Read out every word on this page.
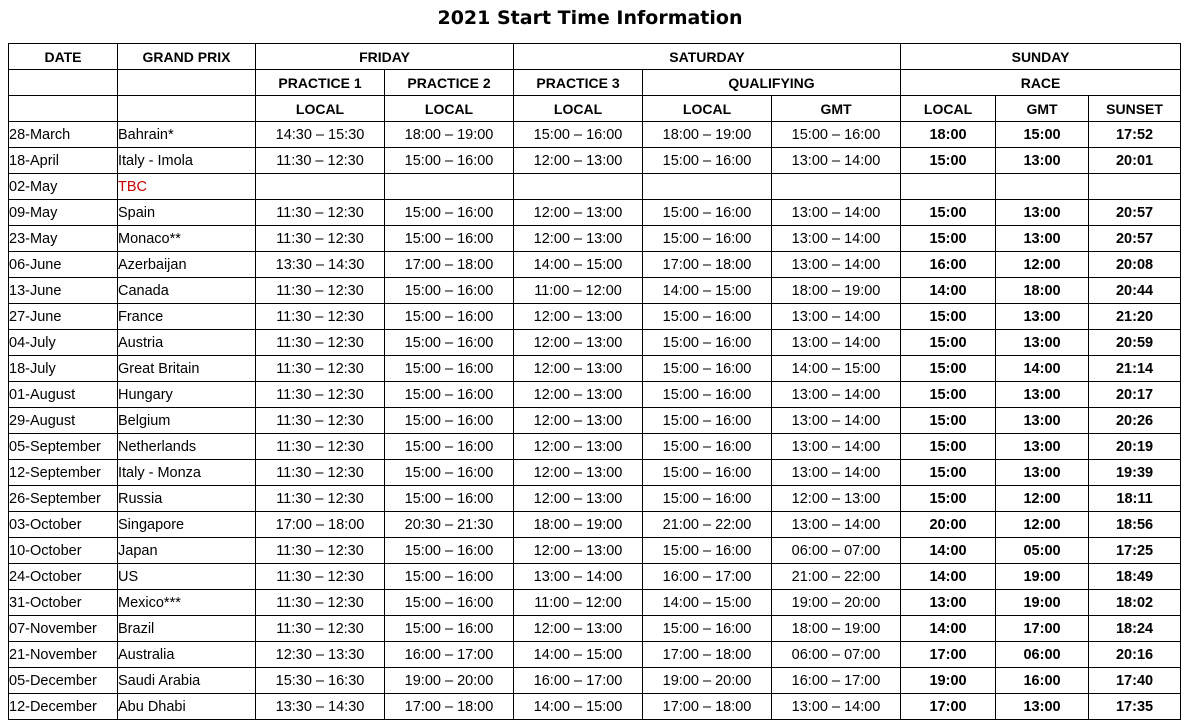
2021 Start Time Information
DATE	GRAND PRIX	FRIDAY		SATURDAY			SUNDAY		
		PRACTICE 1	PRACTICE 2	PRACTICE 3	QUALIFYING		RACE		
		LOCAL	LOCAL	LOCAL	LOCAL	GMT	LOCAL	GMT	SUNSET
28-March	Bahrain*	14:30 – 15:30	18:00 – 19:00	15:00 – 16:00	18:00 – 19:00	15:00 – 16:00	18:00	15:00	17:52
18-April	Italy - Imola	11:30 – 12:30	15:00 – 16:00	12:00 – 13:00	15:00 – 16:00	13:00 – 14:00	15:00	13:00	20:01
02-May	TBC								
09-May	Spain	11:30 – 12:30	15:00 – 16:00	12:00 – 13:00	15:00 – 16:00	13:00 – 14:00	15:00	13:00	20:57
23-May	Monaco**	11:30 – 12:30	15:00 – 16:00	12:00 – 13:00	15:00 – 16:00	13:00 – 14:00	15:00	13:00	20:57
06-June	Azerbaijan	13:30 – 14:30	17:00 – 18:00	14:00 – 15:00	17:00 – 18:00	13:00 – 14:00	16:00	12:00	20:08
13-June	Canada	11:30 – 12:30	15:00 – 16:00	11:00 – 12:00	14:00 – 15:00	18:00 – 19:00	14:00	18:00	20:44
27-June	France	11:30 – 12:30	15:00 – 16:00	12:00 – 13:00	15:00 – 16:00	13:00 – 14:00	15:00	13:00	21:20
04-July	Austria	11:30 – 12:30	15:00 – 16:00	12:00 – 13:00	15:00 – 16:00	13:00 – 14:00	15:00	13:00	20:59
18-July	Great Britain	11:30 – 12:30	15:00 – 16:00	12:00 – 13:00	15:00 – 16:00	14:00 – 15:00	15:00	14:00	21:14
01-August	Hungary	11:30 – 12:30	15:00 – 16:00	12:00 – 13:00	15:00 – 16:00	13:00 – 14:00	15:00	13:00	20:17
29-August	Belgium	11:30 – 12:30	15:00 – 16:00	12:00 – 13:00	15:00 – 16:00	13:00 – 14:00	15:00	13:00	20:26
05-September	Netherlands	11:30 – 12:30	15:00 – 16:00	12:00 – 13:00	15:00 – 16:00	13:00 – 14:00	15:00	13:00	20:19
12-September	Italy - Monza	11:30 – 12:30	15:00 – 16:00	12:00 – 13:00	15:00 – 16:00	13:00 – 14:00	15:00	13:00	19:39
26-September	Russia	11:30 – 12:30	15:00 – 16:00	12:00 – 13:00	15:00 – 16:00	12:00 – 13:00	15:00	12:00	18:11
03-October	Singapore	17:00 – 18:00	20:30 – 21:30	18:00 – 19:00	21:00 – 22:00	13:00 – 14:00	20:00	12:00	18:56
10-October	Japan	11:30 – 12:30	15:00 – 16:00	12:00 – 13:00	15:00 – 16:00	06:00 – 07:00	14:00	05:00	17:25
24-October	US	11:30 – 12:30	15:00 – 16:00	13:00 – 14:00	16:00 – 17:00	21:00 – 22:00	14:00	19:00	18:49
31-October	Mexico***	11:30 – 12:30	15:00 – 16:00	11:00 – 12:00	14:00 – 15:00	19:00 – 20:00	13:00	19:00	18:02
07-November	Brazil	11:30 – 12:30	15:00 – 16:00	12:00 – 13:00	15:00 – 16:00	18:00 – 19:00	14:00	17:00	18:24
21-November	Australia	12:30 – 13:30	16:00 – 17:00	14:00 – 15:00	17:00 – 18:00	06:00 – 07:00	17:00	06:00	20:16
05-December	Saudi Arabia	15:30 – 16:30	19:00 – 20:00	16:00 – 17:00	19:00 – 20:00	16:00 – 17:00	19:00	16:00	17:40
12-December	Abu Dhabi	13:30 – 14:30	17:00 – 18:00	14:00 – 15:00	17:00 – 18:00	13:00 – 14:00	17:00	13:00	17:35
